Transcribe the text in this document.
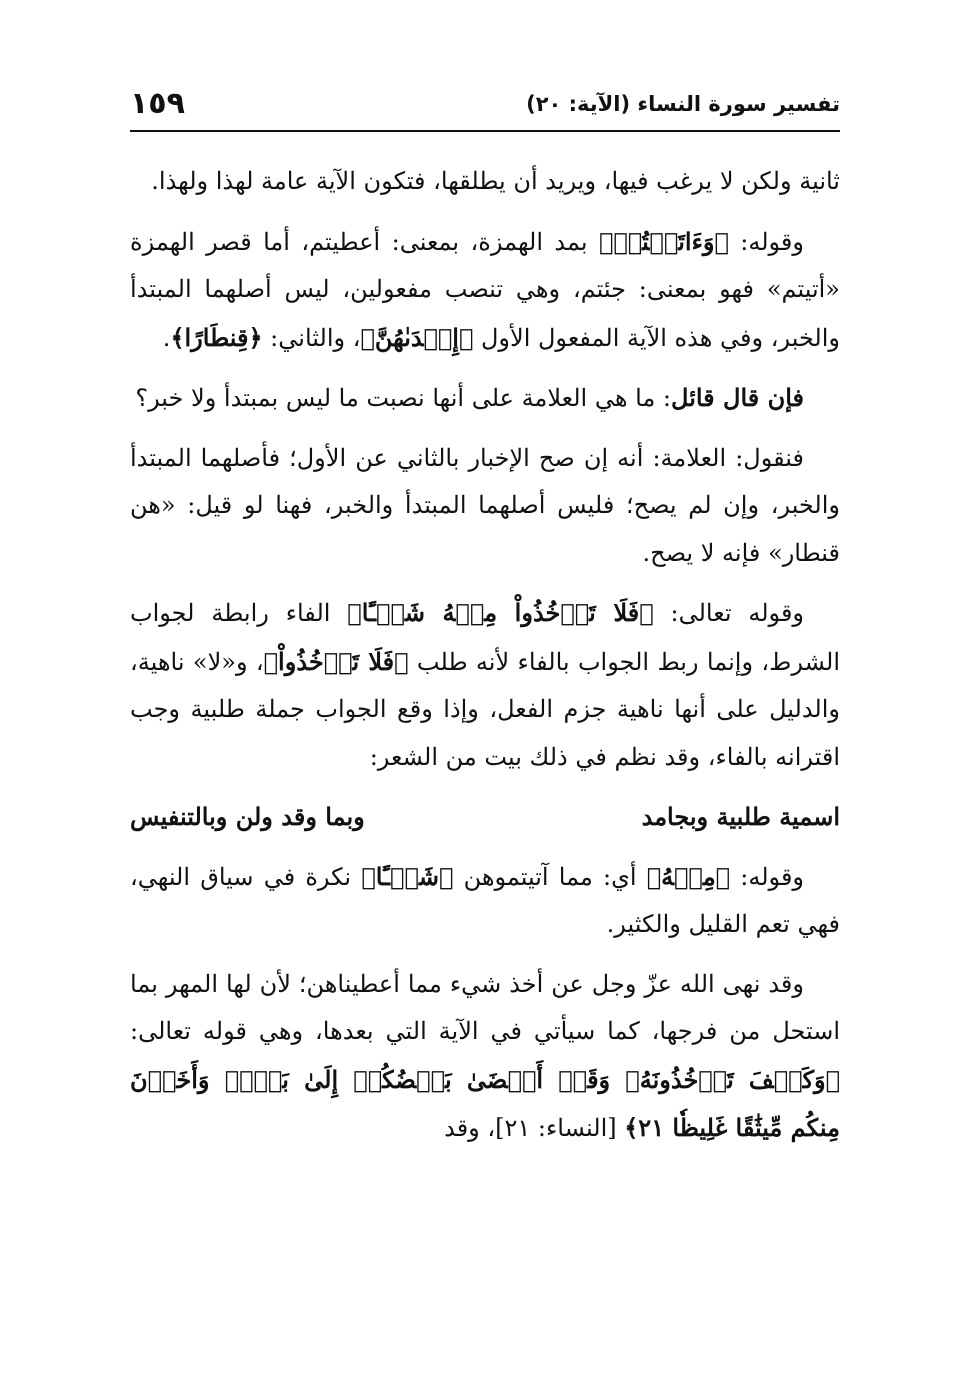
تفسير سورة النساء (الآية: ٢٠)
١٥٩

ثانية ولكن لا يرغب فيها، ويريد أن يطلقها، فتكون الآية عامة لهذا ولهذا.

وقوله: ﴿وَءَاتَيۡتُمۡ﴾ بمد الهمزة، بمعنى: أعطيتم، أما قصر الهمزة «أتيتم» فهو بمعنى: جئتم، وهي تنصب مفعولين، ليس أصلهما المبتدأ والخبر، وفي هذه الآية المفعول الأول ﴿إِحۡدَىٰهُنَّ﴾، والثاني: ﴿قِنطَارًا﴾.

فإن قال قائل: ما هي العلامة على أنها نصبت ما ليس بمبتدأ ولا خبر؟

فنقول: العلامة: أنه إن صح الإخبار بالثاني عن الأول؛ فأصلهما المبتدأ والخبر، وإن لم يصح؛ فليس أصلهما المبتدأ والخبر، فهنا لو قيل: «هن قنطار» فإنه لا يصح.

وقوله تعالى: ﴿فَلَا تَأۡخُذُواْ مِنۡهُ شَيۡـًٔا﴾ الفاء رابطة لجواب الشرط، وإنما ربط الجواب بالفاء لأنه طلب ﴿فَلَا تَأۡخُذُواْ﴾، و«لا» ناهية، والدليل على أنها ناهية جزم الفعل، وإذا وقع الجواب جملة طلبية وجب اقترانه بالفاء، وقد نظم في ذلك بيت من الشعر:

اسمية طلبية وبجامد
وبما وقد ولن وبالتنفيس

وقوله: ﴿مِنۡهُ﴾ أي: مما آتيتموهن ﴿شَيۡـًٔا﴾ نكرة في سياق النهي، فهي تعم القليل والكثير.

وقد نهى الله عزّ وجل عن أخذ شيء مما أعطيناهن؛ لأن لها المهر بما استحل من فرجها، كما سيأتي في الآية التي بعدها، وهي قوله تعالى: ﴿وَكَيۡفَ تَأۡخُذُونَهُۥ وَقَدۡ أَفۡضَىٰ بَعۡضُكُمۡ إِلَىٰ بَعۡضٖ وَأَخَذۡنَ مِنكُم مِّيثَٰقًا غَلِيظٗا ٢١﴾ [النساء: ٢١]، وقد
